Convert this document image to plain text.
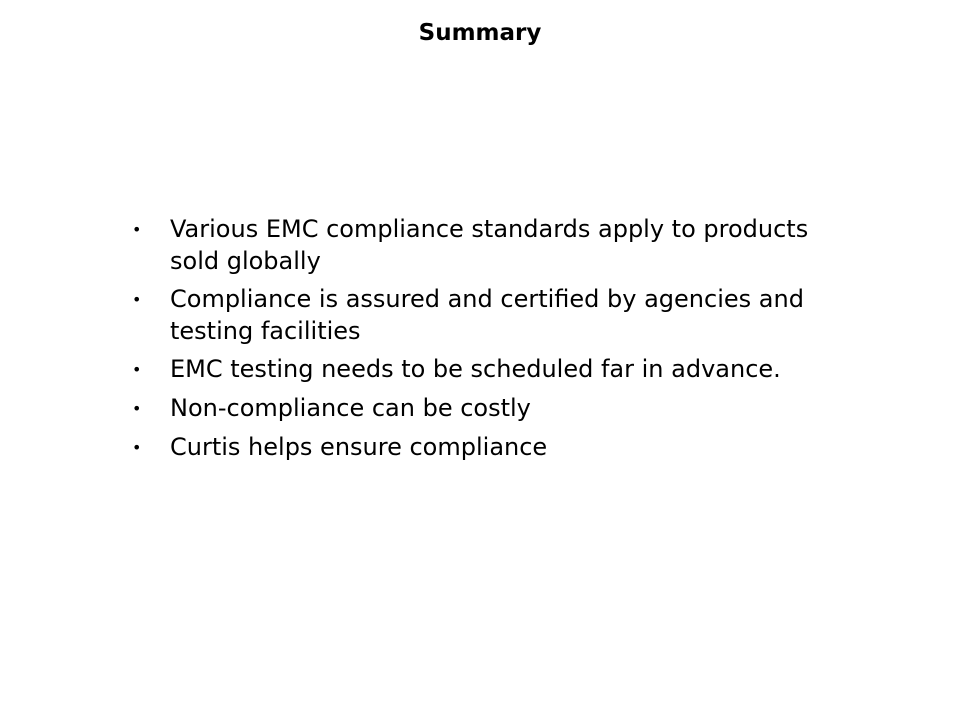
Summary
•	Various EMC compliance standards apply to products sold globally
•	Compliance is assured and certified by agencies and testing facilities
•	EMC testing needs to be scheduled far in advance.
•	Non-compliance can be costly
•	Curtis helps ensure compliance
